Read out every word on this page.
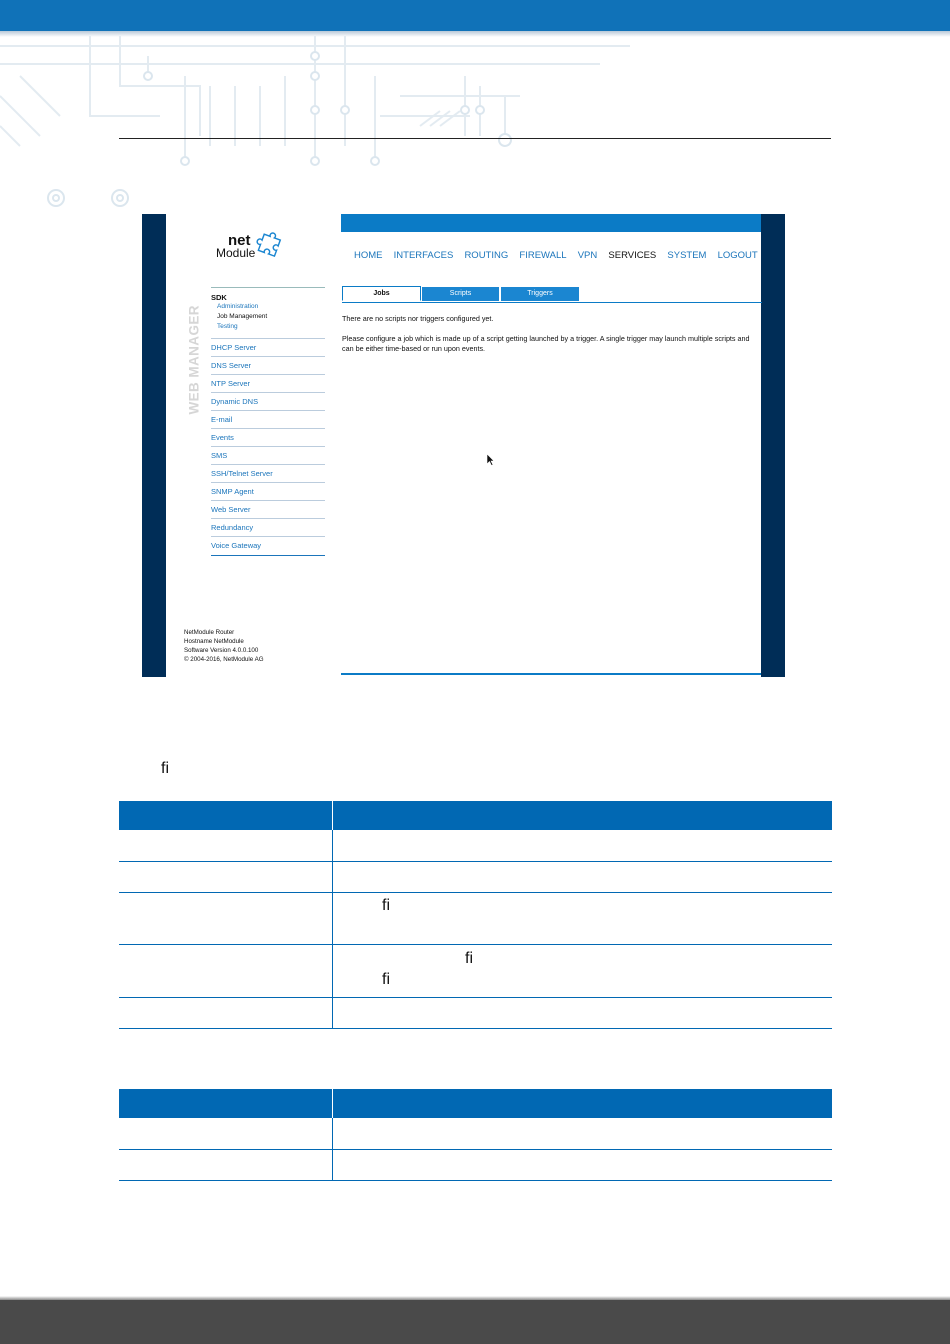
net
Module
WEB MANAGER
SDK
Administration
Job Management
Testing
DHCP Server
DNS Server
NTP Server
Dynamic DNS
E-mail
Events
SMS
SSH/Telnet Server
SNMP Agent
Web Server
Redundancy
Voice Gateway
NetModule Router
Hostname NetModule
Software Version 4.0.0.100
© 2004-2016, NetModule AG
HOME INTERFACES ROUTING FIREWALL VPN SERVICES SYSTEM LOGOUT
Jobs	Scripts	Triggers
There are no scripts nor triggers configured yet.
Please configure a job which is made up of a script getting launched by a trigger. A single trigger may launch multiple scripts and can be either time-based or run upon events.
fi

fi
fi
fi
